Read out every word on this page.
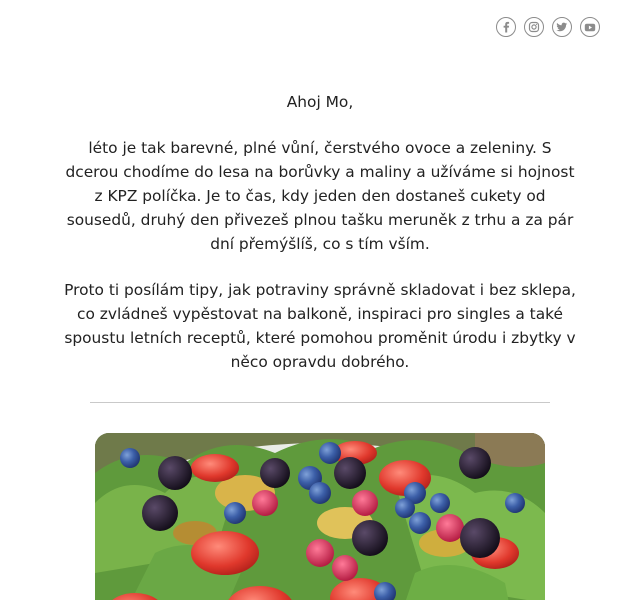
Ahoj Mo,

léto je tak barevné, plné vůní, čerstvého ovoce a zeleniny. S dcerou chodíme do lesa na borůvky a maliny a užíváme si hojnost z KPZ políčka. Je to čas, kdy jeden den dostaneš cukety od sousedů, druhý den přivezeš plnou tašku meruněk z trhu a za pár dní přemýšlíš, co s tím vším.

Proto ti posílám tipy, jak potraviny správně skladovat i bez sklepa, co zvládneš vypěstovat na balkoně, inspiraci pro singles a také spoustu letních receptů, které pomohou proměnit úrodu i zbytky v něco opravdu dobrého.
